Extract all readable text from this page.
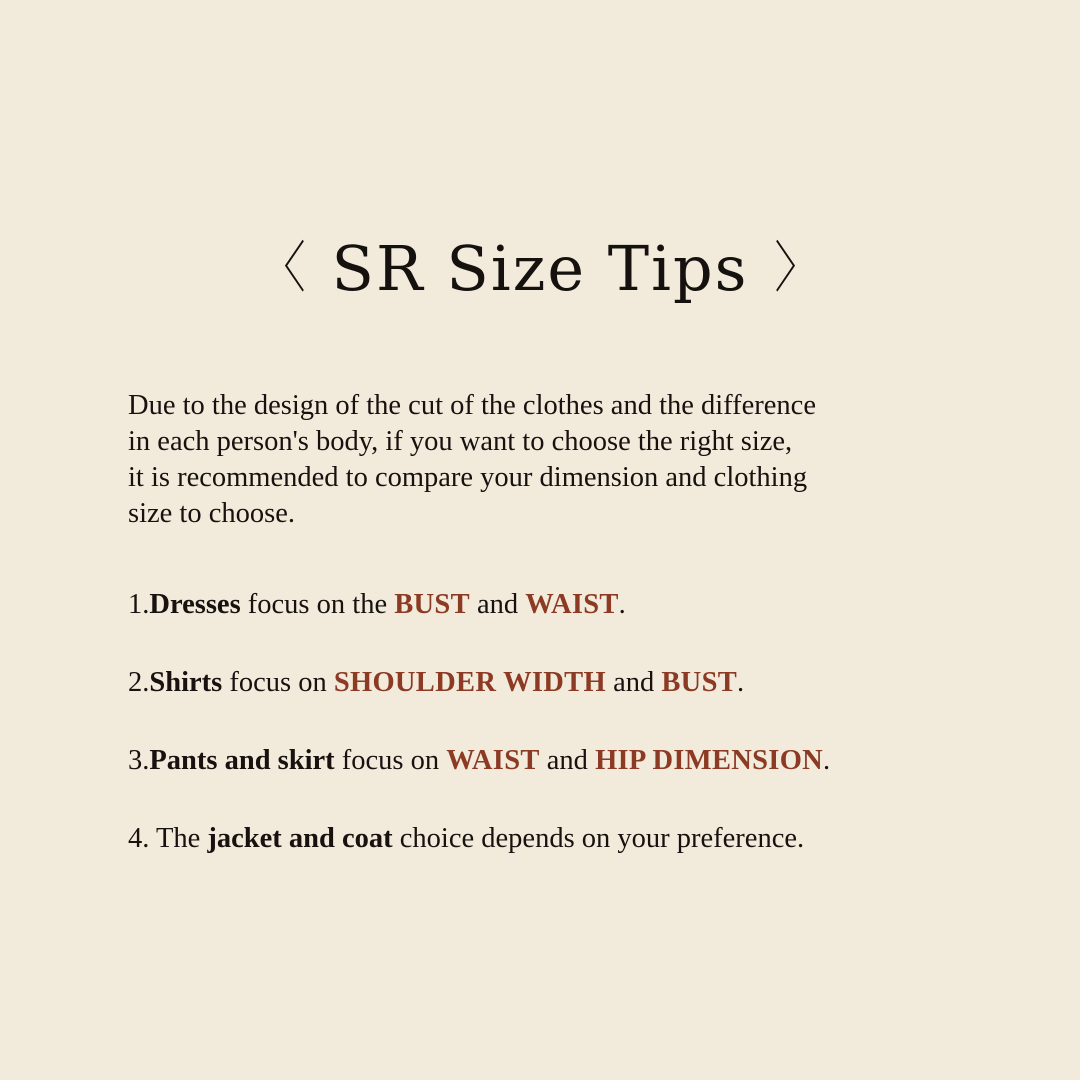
〈 SR Size Tips 〉
Due to the design of the cut of the clothes and the difference
in each person's body, if you want to choose the right size,
it is recommended to compare your dimension and clothing
size to choose.
1.Dresses focus on the BUST and WAIST.
2.Shirts focus on SHOULDER WIDTH and BUST.
3.Pants and skirt focus on WAIST and HIP DIMENSION.
4. The jacket and coat choice depends on your preference.
